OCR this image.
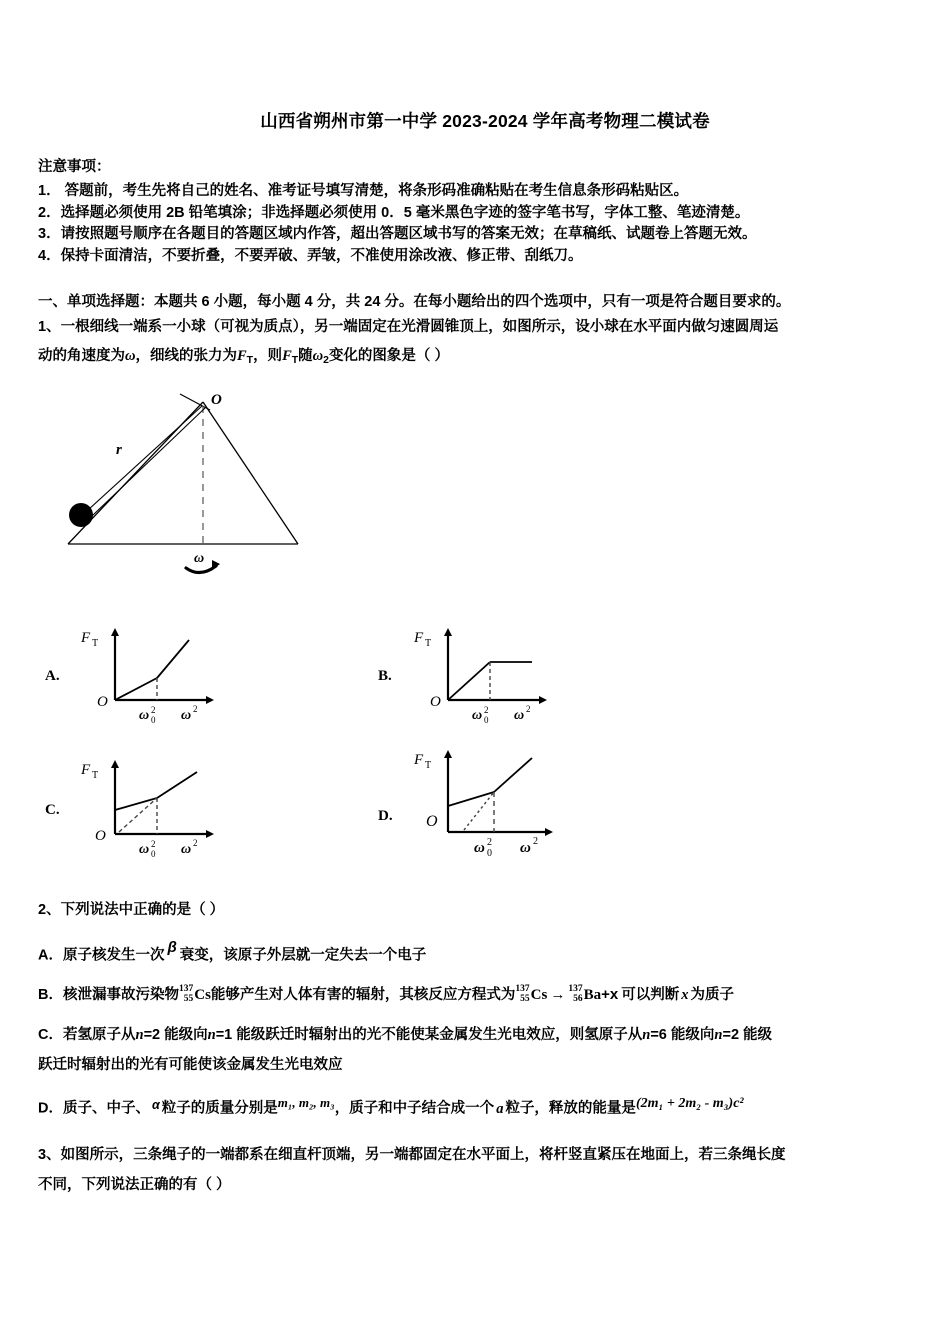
山西省朔州市第一中学 2023-2024 学年高考物理二模试卷
注意事项：
1． 答题前，考生先将自己的姓名、准考证号填写清楚，将条形码准确粘贴在考生信息条形码粘贴区。
2．选择题必须使用 2B 铅笔填涂；非选择题必须使用 0．5 毫米黑色字迹的签字笔书写，字体工整、笔迹清楚。
3．请按照题号顺序在各题目的答题区域内作答，超出答题区域书写的答案无效；在草稿纸、试题卷上答题无效。
4．保持卡面清洁，不要折叠，不要弄破、弄皱，不准使用涂改液、修正带、刮纸刀。
一、单项选择题：本题共 6 小题，每小题 4 分，共 24 分。在每小题给出的四个选项中，只有一项是符合题目要求的。
1、一根细线一端系一小球（可视为质点），另一端固定在光滑圆锥顶上，如图所示，设小球在水平面内做匀速圆周运
动的角速度为ω，细线的张力为$F_T$，则$F_T$随$\omega_2$变化的图象是（ ）
O
r
ω
A.
F T
O
ω 0
2 ω 2
B.
F T
O
ω 0
2 ω 2
C.
F T
O
ω 0
2 ω 2
D.
F T
O
ω 0
2 ω 2
2、下列说法中正确的是（ ）
A．原子核发生一次 β 衰变，该原子外层就一定失去一个电子
B．核泄漏事故污染物 137
55 Cs能够产生对人体有害的辐射，其核反应方程式为 137
55 Cs → 137
56 Ba+x 可以判断 x 为质子
C．若氢原子从n=2 能级向n=1 能级跃迁时辐射出的光不能使某金属发生光电效应，则氢原子从n=6 能级向n=2 能级
跃迁时辐射出的光有可能使该金属发生光电效应
D．质子、中子、 α 粒子的质量分别是m₁, m₂, m₃，质子和中子结合成一个 a 粒子，释放的能量是(2m₁ + 2m₂ - m₃)c²
3、如图所示，三条绳子的一端都系在细直杆顶端，另一端都固定在水平面上，将杆竖直紧压在地面上，若三条绳长度
不同，下列说法正确的有（ ）
